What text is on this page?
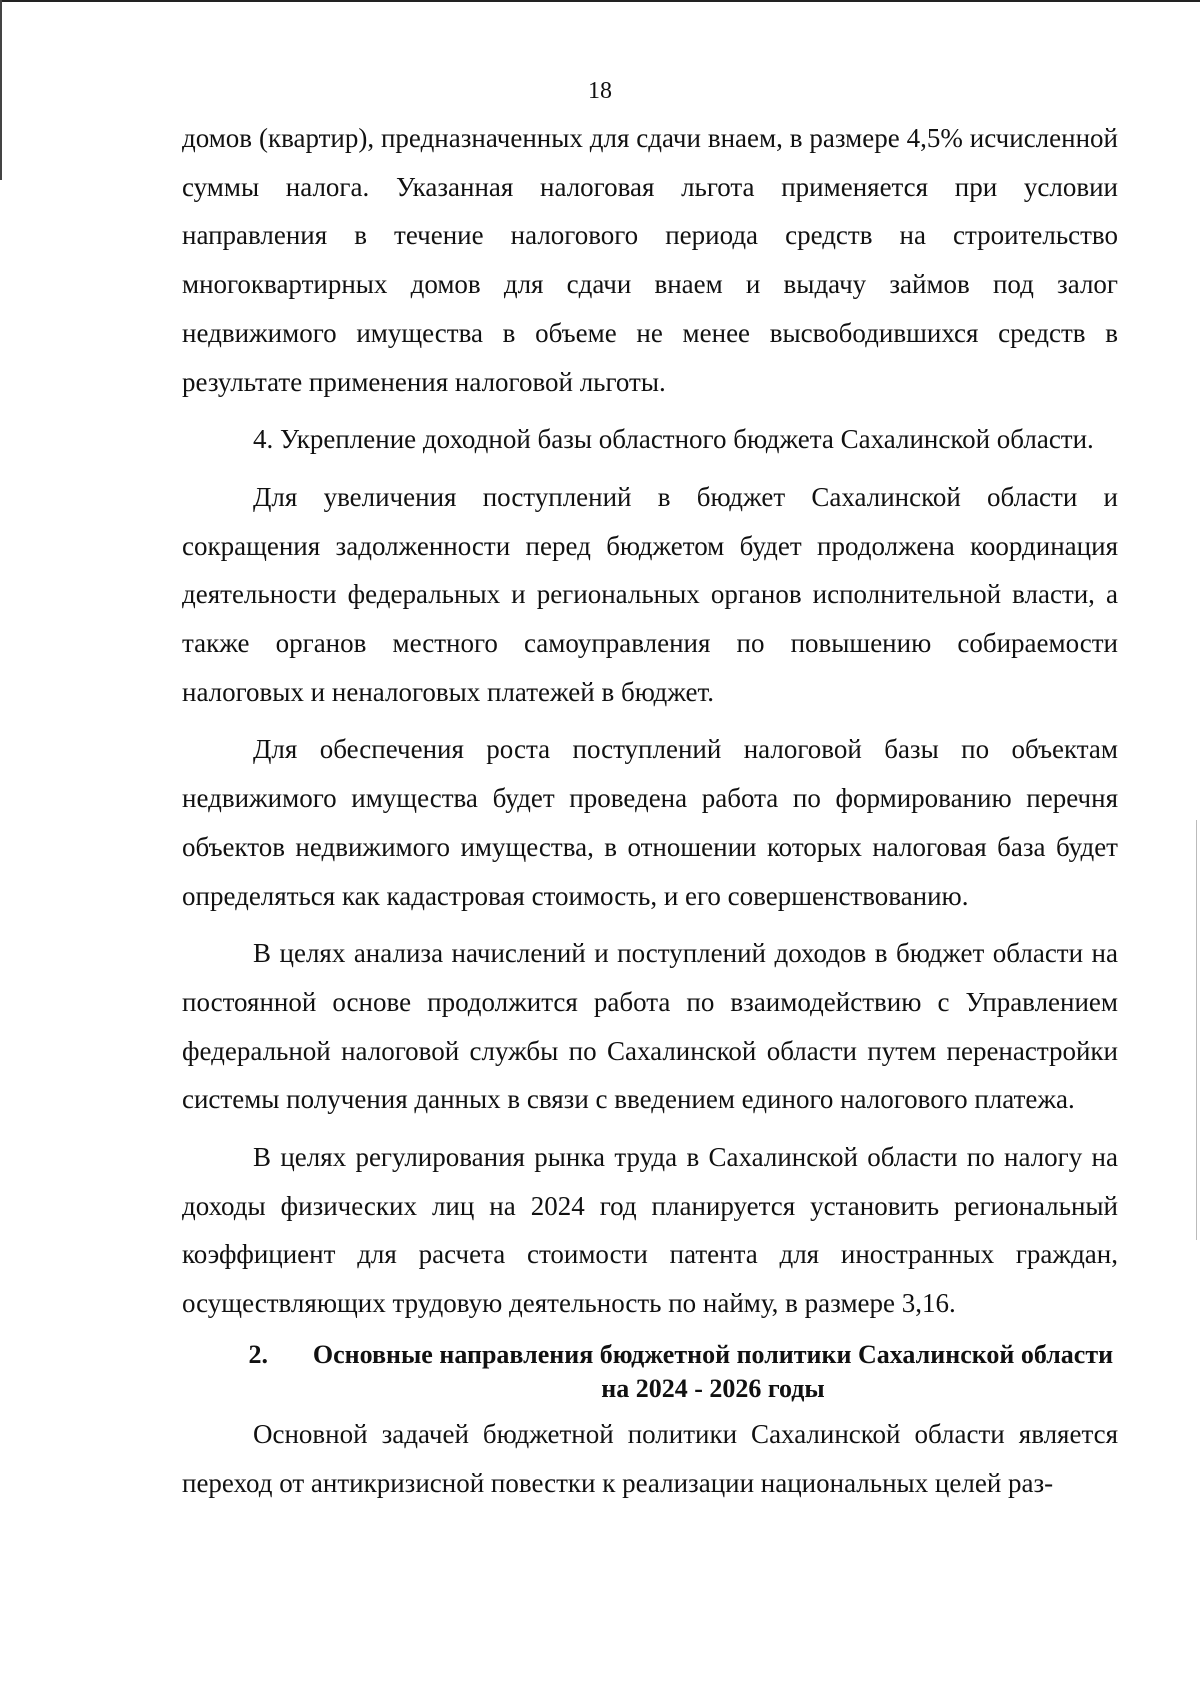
18

домов (квартир), предназначенных для сдачи внаем, в размере 4,5% исчисленной суммы налога. Указанная налоговая льгота применяется при условии направления в течение налогового периода средств на строительство многоквартирных домов для сдачи внаем и выдачу займов под залог недвижимого имущества в объеме не менее высвободившихся средств в результате применения налоговой льготы.

4. Укрепление доходной базы областного бюджета Сахалинской области.

Для увеличения поступлений в бюджет Сахалинской области и сокращения задолженности перед бюджетом будет продолжена координация деятельности федеральных и региональных органов исполнительной власти, а также органов местного самоуправления по повышению собираемости налоговых и неналоговых платежей в бюджет.

Для обеспечения роста поступлений налоговой базы по объектам недвижимого имущества будет проведена работа по формированию перечня объектов недвижимого имущества, в отношении которых налоговая база будет определяться как кадастровая стоимость, и его совершенствованию.

В целях анализа начислений и поступлений доходов в бюджет области на постоянной основе продолжится работа по взаимодействию с Управлением федеральной налоговой службы по Сахалинской области путем перенастройки системы получения данных в связи с введением единого налогового платежа.

В целях регулирования рынка труда в Сахалинской области по налогу на доходы физических лиц на 2024 год планируется установить региональный коэффициент для расчета стоимости патента для иностранных граждан, осуществляющих трудовую деятельность по найму, в размере 3,16.

2.	Основные направления бюджетной политики Сахалинской области на 2024 - 2026 годы

Основной задачей бюджетной политики Сахалинской области является переход от антикризисной повестки к реализации национальных целей раз-
